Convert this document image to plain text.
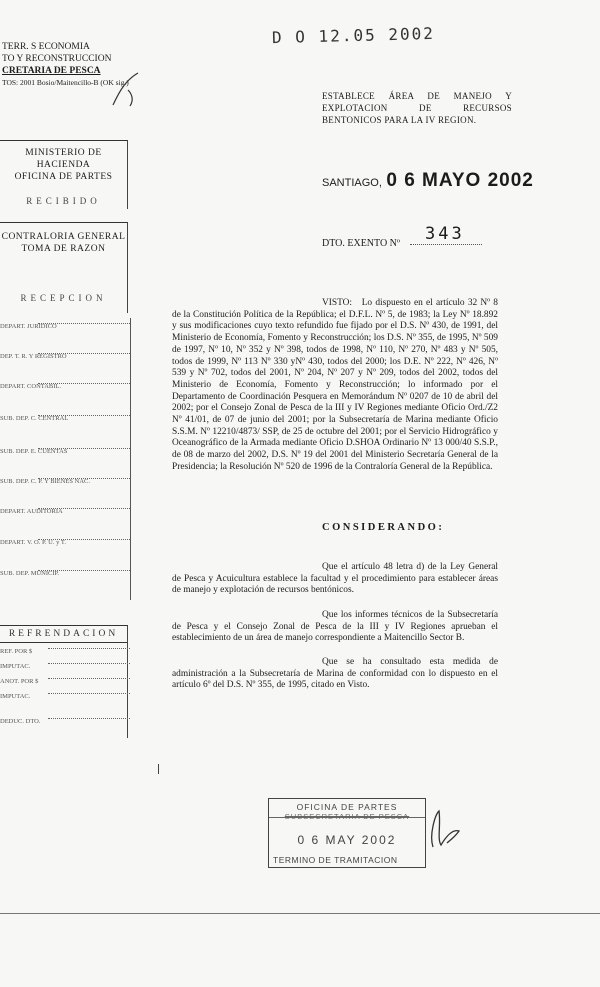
D O 12.05 2002
TERR. S ECONOMIA
TO Y RECONSTRUCCION
CRETARIA DE PESCA
TOS: 2001 Bosio/Maitencillo-B (OK sig.)
ESTABLECE ÁREA DE MANEJO Y EXPLOTACION DE RECURSOS BENTONICOS PARA LA IV REGION.
SANTIAGO, 0 6 MAYO 2002
DTO. EXENTO Nº 343
MINISTERIO DE HACIENDA
OFICINA DE PARTES
RECIBIDO
CONTRALORIA GENERAL
TOMA DE RAZON
RECEPCION
DEPART. JURIDICO
DEP. T. R. Y REGISTRO
DEPART. CONTABIL.
SUB. DEP. C. CENTRAL
SUB. DEP. E. CUENTAS
SUB. DEP. C. P. Y BIENES NAC.
DEPART. AUDITORIA
DEPART. V. O. P. U. y T.
SUB. DEP. MUNICIP.
REFRENDACION
REF. POR $
IMPUTAC.
ANOT. POR $
IMPUTAC.
DEDUC. DTO.

VISTO: Lo dispuesto en el artículo 32 Nº 8 de la Constitución Política de la República; el D.F.L. Nº 5, de 1983; la Ley Nº 18.892 y sus modificaciones cuyo texto refundido fue fijado por el D.S. Nº 430, de 1991, del Ministerio de Economía, Fomento y Reconstrucción; los D.S. Nº 355, de 1995, Nº 509 de 1997, Nº 10, Nº 352 y Nº 398, todos de 1998, Nº 110, Nº 270, Nº 483 y Nº 505, todos de 1999, Nº 113 Nº 330 yNº 430, todos del 2000; los D.E. Nº 222, Nº 426, Nº 539 y Nº 702, todos del 2001, Nº 204, Nº 207 y Nº 209, todos del 2002, todos del Ministerio de Economía, Fomento y Reconstrucción; lo informado por el Departamento de Coordinación Pesquera en Memorándum Nº 0207 de 10 de abril del 2002; por el Consejo Zonal de Pesca de la III y IV Regiones mediante Oficio Ord./Z2 Nº 41/01, de 07 de junio del 2001; por la Subsecretaría de Marina mediante Oficio S.S.M. Nº 12210/4873/ SSP, de 25 de octubre del 2001; por el Servicio Hidrográfico y Oceanográfico de la Armada mediante Oficio D.SHOA Ordinario Nº 13 000/40 S.S.P., de 08 de marzo del 2002, D.S. Nº 19 del 2001 del Ministerio Secretaría General de la Presidencia; la Resolución Nº 520 de 1996 de la Contraloría General de la República.

CONSIDERANDO:

Que el artículo 48 letra d) de la Ley General de Pesca y Acuicultura establece la facultad y el procedimiento para establecer áreas de manejo y explotación de recursos bentónicos.

Que los informes técnicos de la Subsecretaría de Pesca y el Consejo Zonal de Pesca de la III y IV Regiones aprueban el establecimiento de un área de manejo correspondiente a Maitencillo Sector B.

Que se ha consultado esta medida de administración a la Subsecretaría de Marina de conformidad con lo dispuesto en el artículo 6º del D.S. Nº 355, de 1995, citado en Visto.

OFICINA DE PARTES
SUBSECRETARIA DE PESCA
0 6 MAY 2002
TERMINO DE TRAMITACION
